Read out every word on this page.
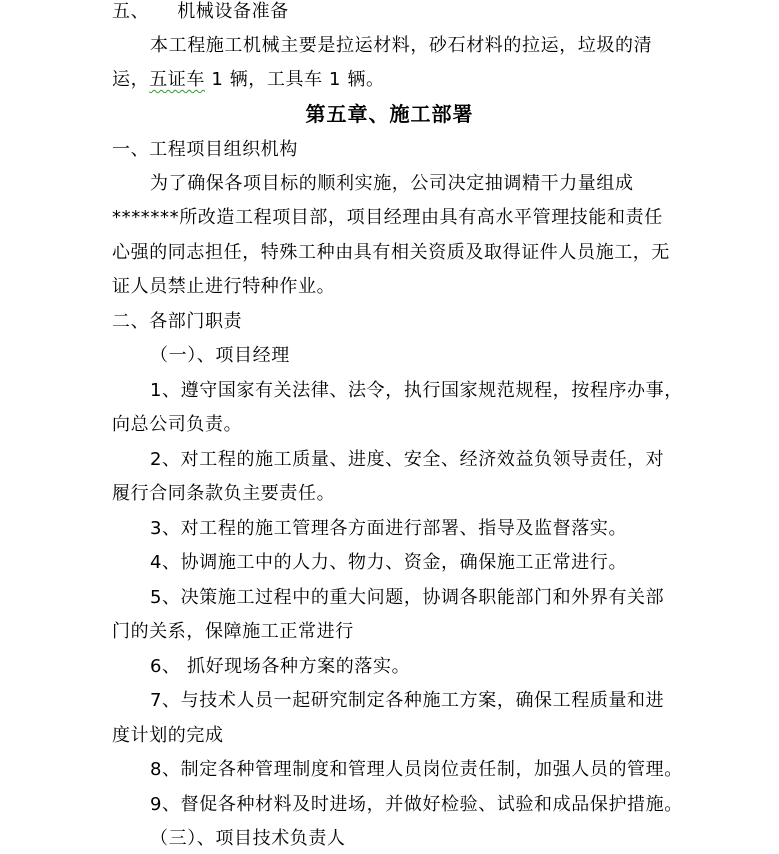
五、 机械设备准备
本工程施工机械主要是拉运材料，砂石材料的拉运，垃圾的清
运，五证车 1 辆，工具车 1 辆。
第五章、施工部署
一、工程项目组织机构
为了确保各项目标的顺利实施，公司决定抽调精干力量组成
*******所改造工程项目部，项目经理由具有高水平管理技能和责任
心强的同志担任，特殊工种由具有相关资质及取得证件人员施工，无
证人员禁止进行特种作业。
二、各部门职责
（一）、项目经理
1、遵守国家有关法律、法令，执行国家规范规程，按程序办事，
向总公司负责。
2、对工程的施工质量、进度、安全、经济效益负领导责任，对
履行合同条款负主要责任。
3、对工程的施工管理各方面进行部署、指导及监督落实。
4、协调施工中的人力、物力、资金，确保施工正常进行。
5、决策施工过程中的重大问题，协调各职能部门和外界有关部
门的关系，保障施工正常进行
6、 抓好现场各种方案的落实。
7、与技术人员一起研究制定各种施工方案，确保工程质量和进
度计划的完成
8、制定各种管理制度和管理人员岗位责任制，加强人员的管理。
9、督促各种材料及时进场，并做好检验、试验和成品保护措施。
（三）、项目技术负责人
